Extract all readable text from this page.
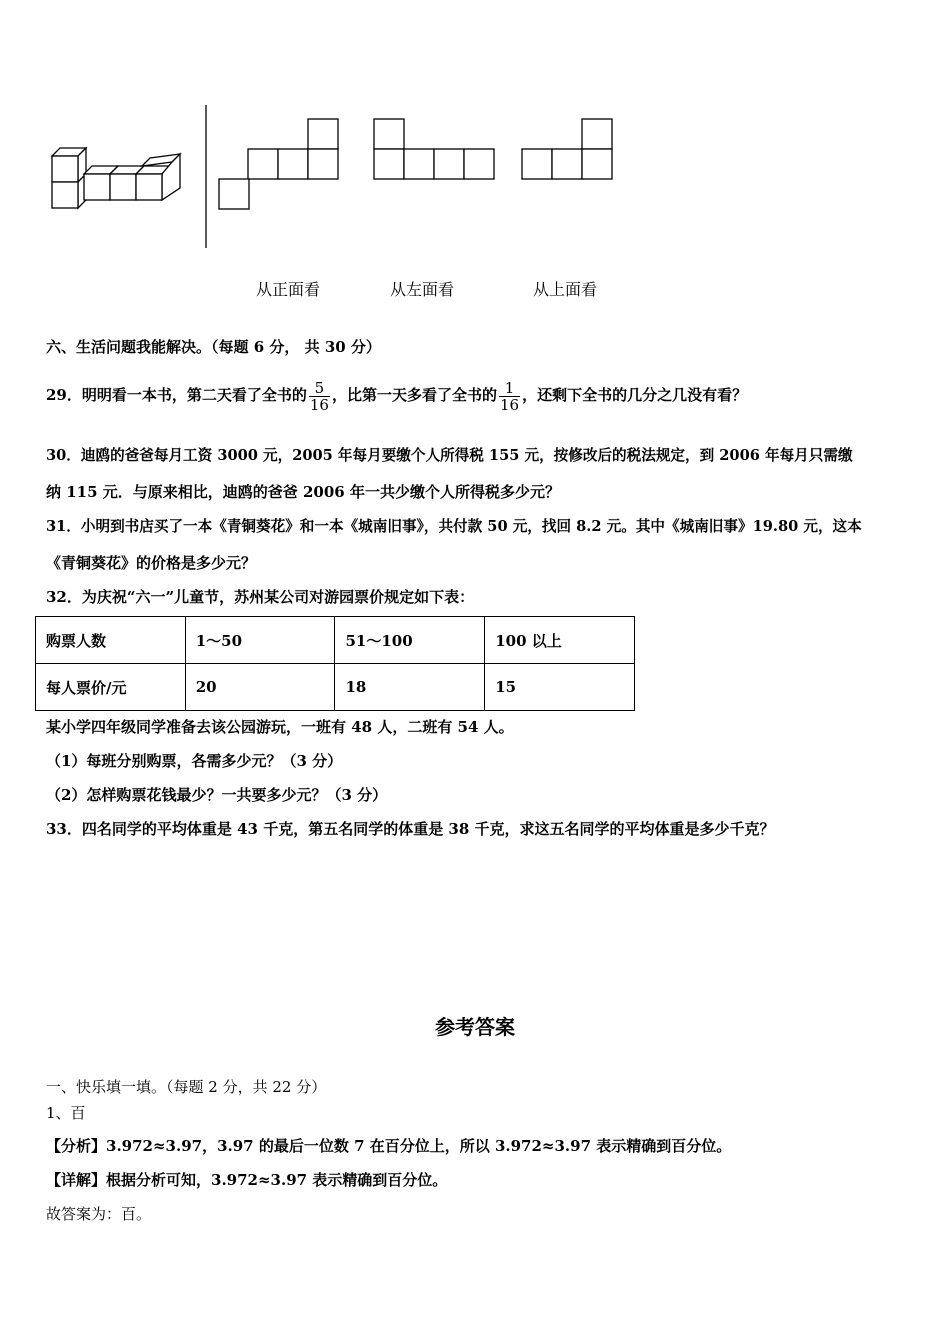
从正面看	从左面看	从上面看
六、生活问题我能解决。（每题 6 分， 共 30 分）
29．明明看一本书，第二天看了全书的 $\frac{5}{16}$ ，比第一天多看了全书的 $\frac{1}{16}$ ，还剩下全书的几分之几没有看？
30．迪鸥的爸爸每月工资 3000 元，2005 年每月要缴个人所得税 155 元，按修改后的税法规定，到 2006 年每月只需缴
纳 115 元．与原来相比，迪鸥的爸爸 2006 年一共少缴个人所得税多少元？
31．小明到书店买了一本《青铜葵花》和一本《城南旧事》，共付款 50 元，找回 8.2 元。其中《城南旧事》19.80 元，这本
《青铜葵花》的价格是多少元？
32．为庆祝“六一”儿童节，苏州某公司对游园票价规定如下表：
购票人数	1～50	51～100	100 以上
每人票价/元	20	18	15
某小学四年级同学准备去该公园游玩，一班有 48 人，二班有 54 人。
（1）每班分别购票，各需多少元？（3 分）
（2）怎样购票花钱最少？一共要多少元？（3 分）
33．四名同学的平均体重是 43 千克，第五名同学的体重是 38 千克，求这五名同学的平均体重是多少千克？
参考答案
一、快乐填一填。（每题 2 分，共 22 分）
1、百
【分析】3.972≈3.97，3.97 的最后一位数 7 在百分位上，所以 3.972≈3.97 表示精确到百分位。
【详解】根据分析可知，3.972≈3.97 表示精确到百分位。
故答案为：百。
